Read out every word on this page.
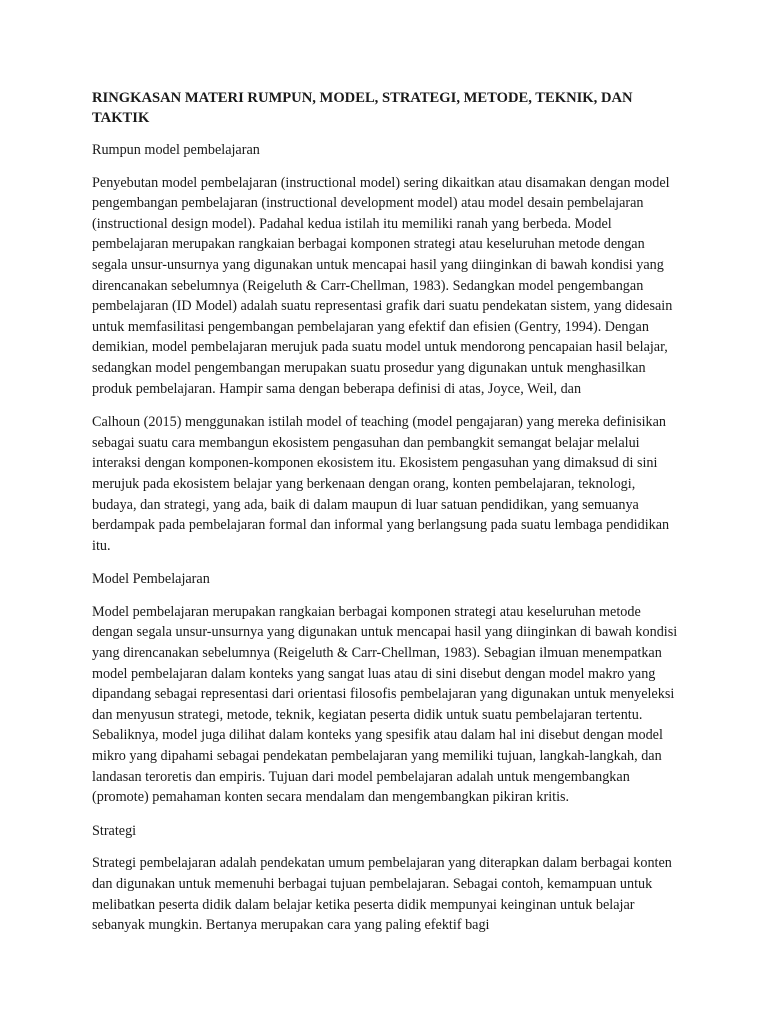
RINGKASAN MATERI RUMPUN, MODEL, STRATEGI, METODE, TEKNIK, DAN TAKTIK

Rumpun model pembelajaran

Penyebutan model pembelajaran (instructional model) sering dikaitkan atau disamakan dengan model pengembangan pembelajaran (instructional development model) atau model desain pembelajaran (instructional design model). Padahal kedua istilah itu memiliki ranah yang berbeda. Model pembelajaran merupakan rangkaian berbagai komponen strategi atau keseluruhan metode dengan segala unsur-unsurnya yang digunakan untuk mencapai hasil yang diinginkan di bawah kondisi yang direncanakan sebelumnya (Reigeluth & Carr-Chellman, 1983). Sedangkan model pengembangan pembelajaran (ID Model) adalah suatu representasi grafik dari suatu pendekatan sistem, yang didesain untuk memfasilitasi pengembangan pembelajaran yang efektif dan efisien (Gentry, 1994). Dengan demikian, model pembelajaran merujuk pada suatu model untuk mendorong pencapaian hasil belajar, sedangkan model pengembangan merupakan suatu prosedur yang digunakan untuk menghasilkan produk pembelajaran. Hampir sama dengan beberapa definisi di atas, Joyce, Weil, dan

Calhoun (2015) menggunakan istilah model of teaching (model pengajaran) yang mereka definisikan sebagai suatu cara membangun ekosistem pengasuhan dan pembangkit semangat belajar melalui interaksi dengan komponen-komponen ekosistem itu. Ekosistem pengasuhan yang dimaksud di sini merujuk pada ekosistem belajar yang berkenaan dengan orang, konten pembelajaran, teknologi, budaya, dan strategi, yang ada, baik di dalam maupun di luar satuan pendidikan, yang semuanya berdampak pada pembelajaran formal dan informal yang berlangsung pada suatu lembaga pendidikan itu.

Model Pembelajaran

Model pembelajaran merupakan rangkaian berbagai komponen strategi atau keseluruhan metode dengan segala unsur-unsurnya yang digunakan untuk mencapai hasil yang diinginkan di bawah kondisi yang direncanakan sebelumnya (Reigeluth & Carr-Chellman, 1983). Sebagian ilmuan menempatkan model pembelajaran dalam konteks yang sangat luas atau di sini disebut dengan model makro yang dipandang sebagai representasi dari orientasi filosofis pembelajaran yang digunakan untuk menyeleksi dan menyusun strategi, metode, teknik, kegiatan peserta didik untuk suatu pembelajaran tertentu. Sebaliknya, model juga dilihat dalam konteks yang spesifik atau dalam hal ini disebut dengan model mikro yang dipahami sebagai pendekatan pembelajaran yang memiliki tujuan, langkah-langkah, dan landasan teroretis dan empiris. Tujuan dari model pembelajaran adalah untuk mengembangkan (promote) pemahaman konten secara mendalam dan mengembangkan pikiran kritis.

Strategi

Strategi pembelajaran adalah pendekatan umum pembelajaran yang diterapkan dalam berbagai konten dan digunakan untuk memenuhi berbagai tujuan pembelajaran. Sebagai contoh, kemampuan untuk melibatkan peserta didik dalam belajar ketika peserta didik mempunyai keinginan untuk belajar sebanyak mungkin. Bertanya merupakan cara yang paling efektif bagi
